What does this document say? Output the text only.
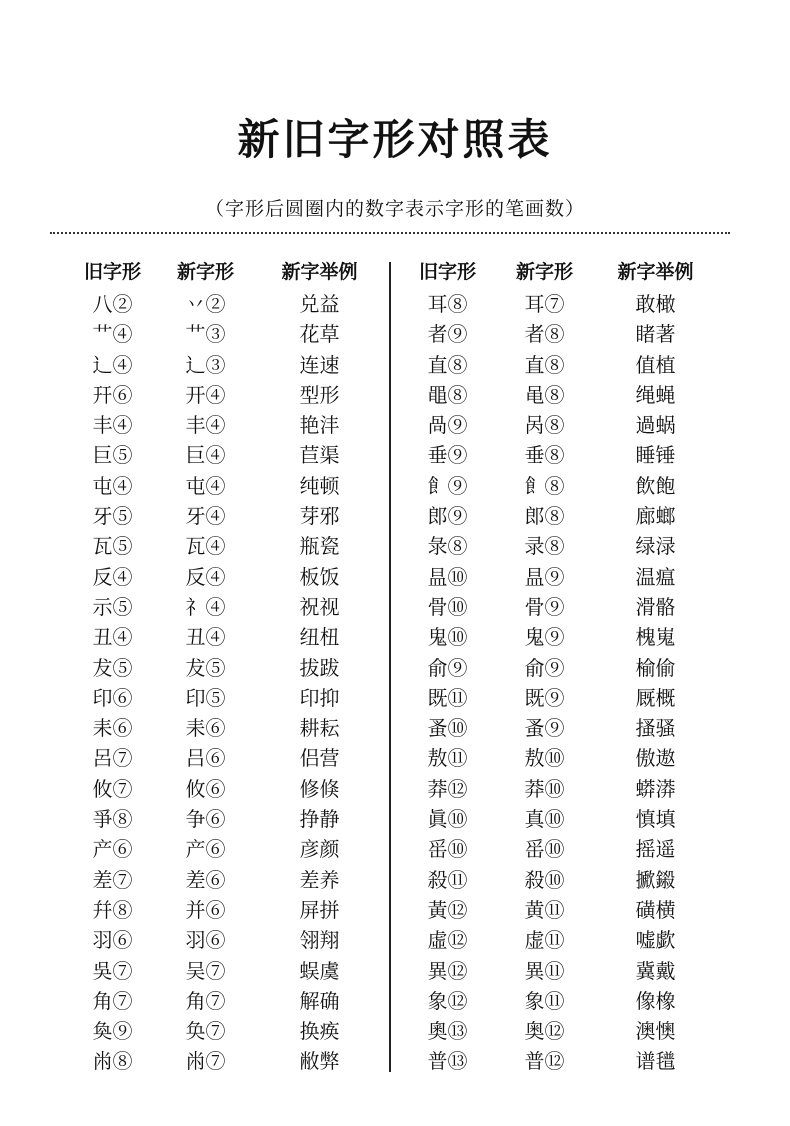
新旧字形对照表
（字形后圆圈内的数字表示字形的笔画数）
旧字形
八②
艹④
辶④
幵⑥
丰④
巨⑤
屯④
牙⑤
瓦⑤
反④
示⑤
丑④
犮⑤
印⑥
耒⑥
呂⑦
攸⑦
爭⑧
产⑥
差⑦
幷⑧
羽⑥
吳⑦
角⑦
奐⑨
㡀⑧
新字形
丷②
艹③
辶③
开④
丰④
巨④
屯④
牙④
瓦④
反④
礻④
丑④
犮⑤
印⑤
耒⑥
吕⑥
攸⑥
争⑥
产⑥
差⑥
并⑥
羽⑥
吴⑦
角⑦
奂⑦
㡀⑦
新字举例
兑益
花草
连速
型形
艳沣
苣渠
纯顿
芽邪
瓶瓷
板饭
祝视
纽杻
拔跋
印抑
耕耘
侣营
修倏
挣静
彦颜
差养
屏拼
翎翔
蜈虞
解确
换痪
敝弊
旧字形
耳⑧
者⑨
直⑧
黽⑧
咼⑨
垂⑨
飠⑨
郎⑨
彔⑧
昷⑩
骨⑩
鬼⑩
俞⑨
既⑪
蚤⑩
敖⑪
莽⑫
眞⑩
䍃⑩
殺⑪
黃⑫
虛⑫
異⑫
象⑫
奧⑬
普⑬
新字形
耳⑦
者⑧
直⑧
黾⑧
呙⑧
垂⑧
飠⑧
郎⑧
录⑧
昷⑨
骨⑨
鬼⑨
俞⑨
既⑨
蚤⑨
敖⑩
莽⑩
真⑩
䍃⑩
殺⑩
黄⑪
虚⑪
異⑪
象⑪
奥⑫
普⑫
新字举例
敢橄
睹著
值植
绳蝇
過蜗
睡锤
飲飽
廊螂
绿渌
温瘟
滑骼
槐嵬
榆偷
厩概
搔骚
傲遨
蟒漭
慎填
摇遥
擨鎩
磺横
嘘歔
冀戴
像橡
澳懊
谱氆
